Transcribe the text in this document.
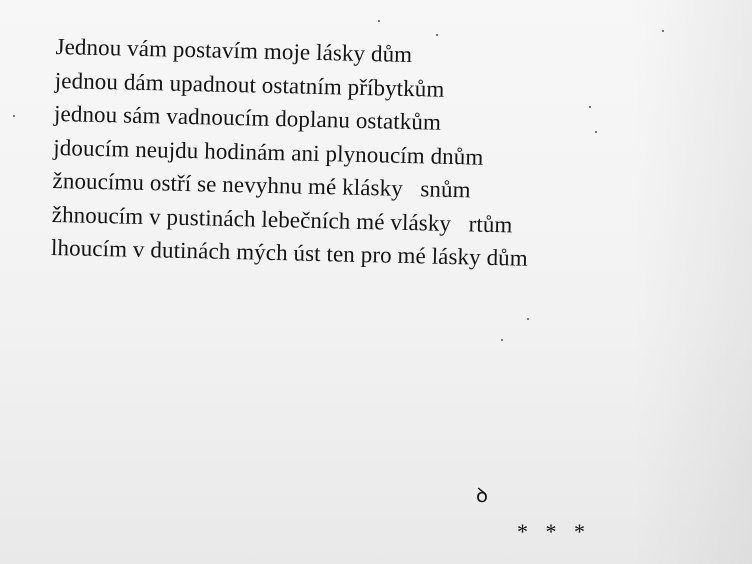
Jednou vám postavím moje lásky dům
jednou dám upadnout ostatním příbytkům
jednou sám vadnoucím doplanu ostatkům
jdoucím neujdu hodinám ani plynoucím dnům
žnoucímu ostří se nevyhnu mé klásky   snům
žhnoucím v pustinách lebečních mé vlásky   rtům
lhoucím v dutinách mých úst ten pro mé lásky dům
ꝺ
* * *
